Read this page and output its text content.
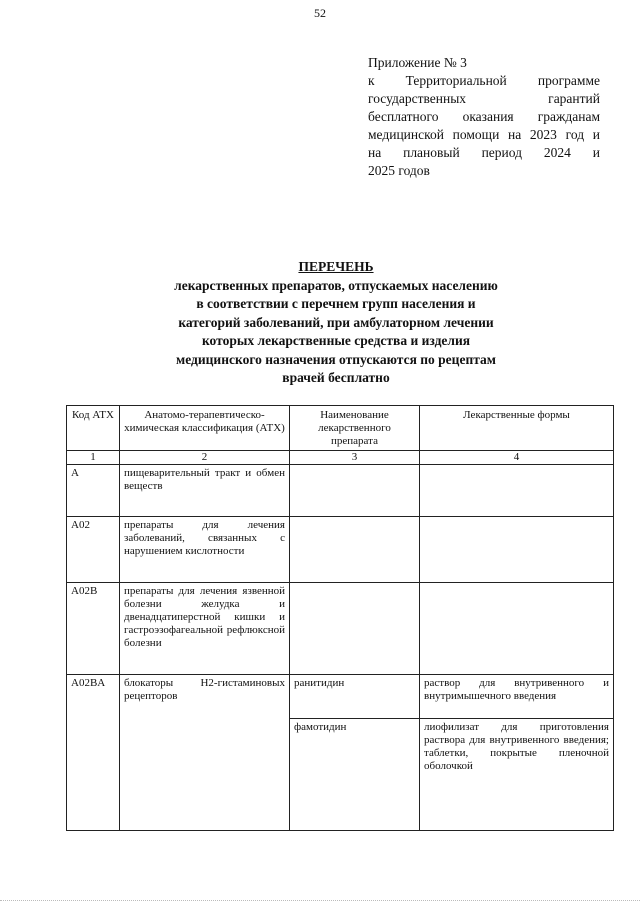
52
Приложение № 3
к Территориальной программе
государственных гарантий
бесплатного оказания гражданам
медицинской помощи на 2023 год и
на плановый период 2024 и
2025 годов
ПЕРЕЧЕНЬ
лекарственных препаратов, отпускаемых населению
в соответствии с перечнем групп населения и
категорий заболеваний, при амбулаторном лечении
которых лекарственные средства и изделия
медицинского назначения отпускаются по рецептам
врачей бесплатно
Код АТХ	Анатомо-терапевтическо-химическая классификация (АТХ)	Наименование лекарственного препарата	Лекарственные формы
1	2	3	4
A	пищеварительный тракт и обмен веществ		
A02	препараты для лечения заболеваний, связанных с нарушением кислотности		
A02B	препараты для лечения язвенной болезни желудка и двенадцатиперстной кишки и гастроэзофагеальной рефлюксной болезни		
A02BA	блокаторы H2-гистаминовых рецепторов	ранитидин	раствор для внутривенного и внутримышечного введения
		фамотидин	лиофилизат для приготовления раствора для внутривенного введения; таблетки, покрытые пленочной оболочкой
